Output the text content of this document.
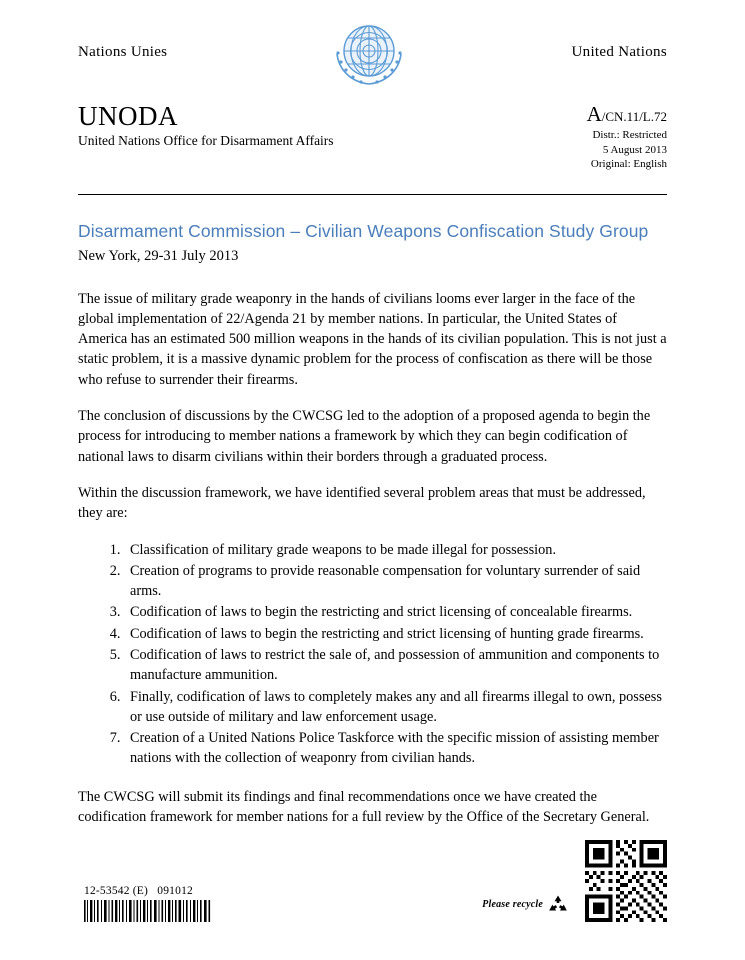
Nations Unies	United Nations
UNODA
United Nations Office for Disarmament Affairs
A/CN.11/L.72
Distr.: Restricted
5 August 2013
Original: English
Disarmament Commission – Civilian Weapons Confiscation Study Group
New York, 29-31 July 2013

The issue of military grade weaponry in the hands of civilians looms ever larger in the face of the global implementation of 22/Agenda 21 by member nations. In particular, the United States of America has an estimated 500 million weapons in the hands of its civilian population. This is not just a static problem, it is a massive dynamic problem for the process of confiscation as there will be those who refuse to surrender their firearms.

The conclusion of discussions by the CWCSG led to the adoption of a proposed agenda to begin the process for introducing to member nations a framework by which they can begin codification of national laws to disarm civilians within their borders through a graduated process.

Within the discussion framework, we have identified several problem areas that must be addressed, they are:

1. Classification of military grade weapons to be made illegal for possession.
2. Creation of programs to provide reasonable compensation for voluntary surrender of said arms.
3. Codification of laws to begin the restricting and strict licensing of concealable firearms.
4. Codification of laws to begin the restricting and strict licensing of hunting grade firearms.
5. Codification of laws to restrict the sale of, and possession of ammunition and components to manufacture ammunition.
6. Finally, codification of laws to completely makes any and all firearms illegal to own, possess or use outside of military and law enforcement usage.
7. Creation of a United Nations Police Taskforce with the specific mission of assisting member nations with the collection of weaponry from civilian hands.

The CWCSG will submit its findings and final recommendations once we have created the codification framework for member nations for a full review by the Office of the Secretary General.

12-53542 (E) 091012
Please recycle
